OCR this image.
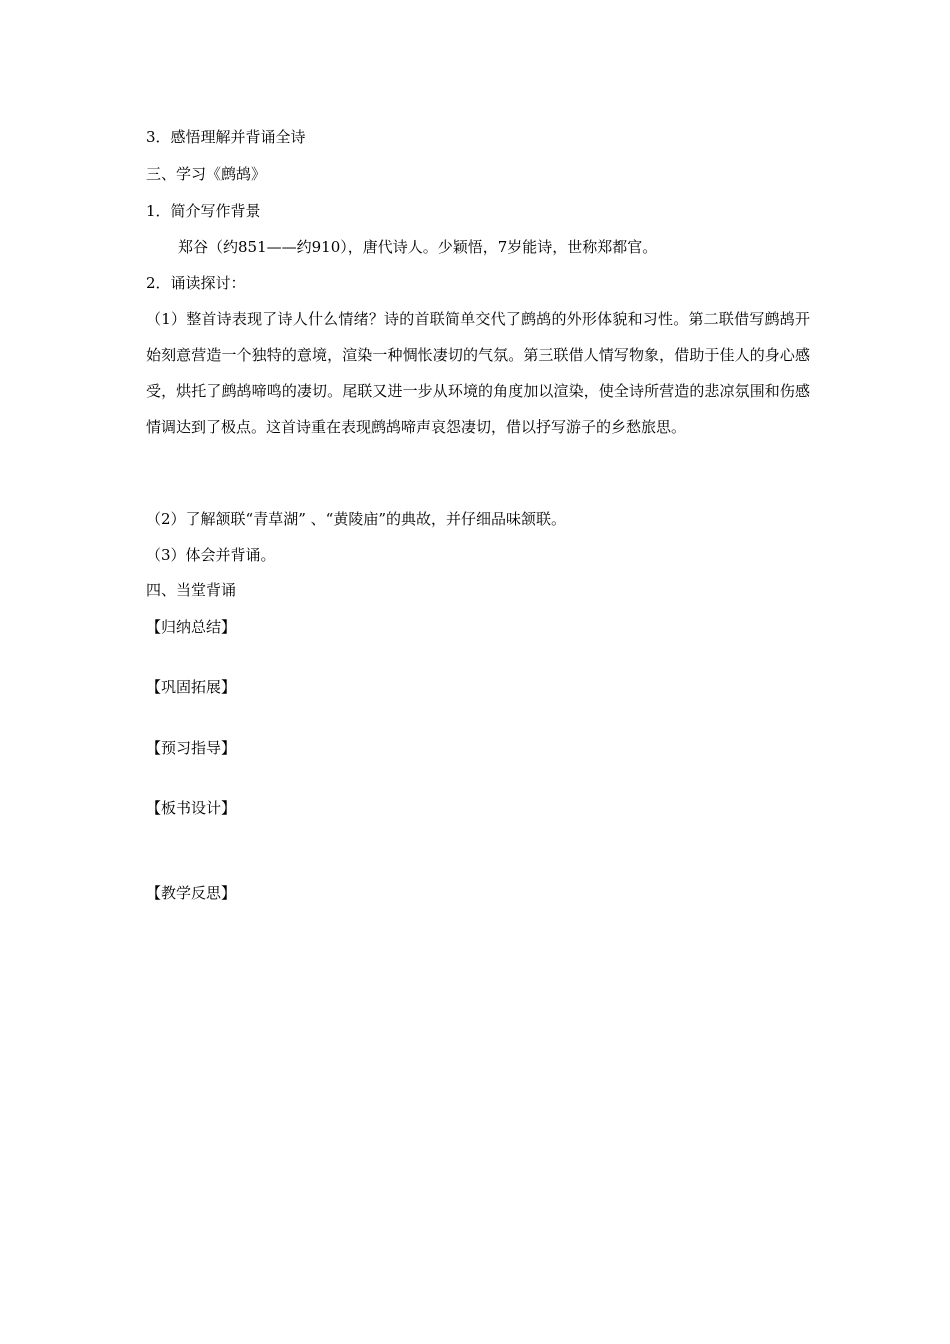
3．感悟理解并背诵全诗

三、学习《鹧鸪》

1．简介写作背景

郑谷（约851——约910），唐代诗人。少颖悟，7岁能诗，世称郑都官。

2．诵读探讨：

（1）整首诗表现了诗人什么情绪？诗的首联简单交代了鹧鸪的外形体貌和习性。第二联借写鹧鸪开始刻意营造一个独特的意境，渲染一种惆怅凄切的气氛。第三联借人情写物象，借助于佳人的身心感受，烘托了鹧鸪啼鸣的凄切。尾联又进一步从环境的角度加以渲染，使全诗所营造的悲凉氛围和伤感情调达到了极点。这首诗重在表现鹧鸪啼声哀怨凄切，借以抒写游子的乡愁旅思。

（2）了解颔联“青草湖” 、“黄陵庙”的典故，并仔细品味颔联。

（3）体会并背诵。

四、当堂背诵

【归纳总结】

【巩固拓展】

【预习指导】

【板书设计】

【教学反思】
